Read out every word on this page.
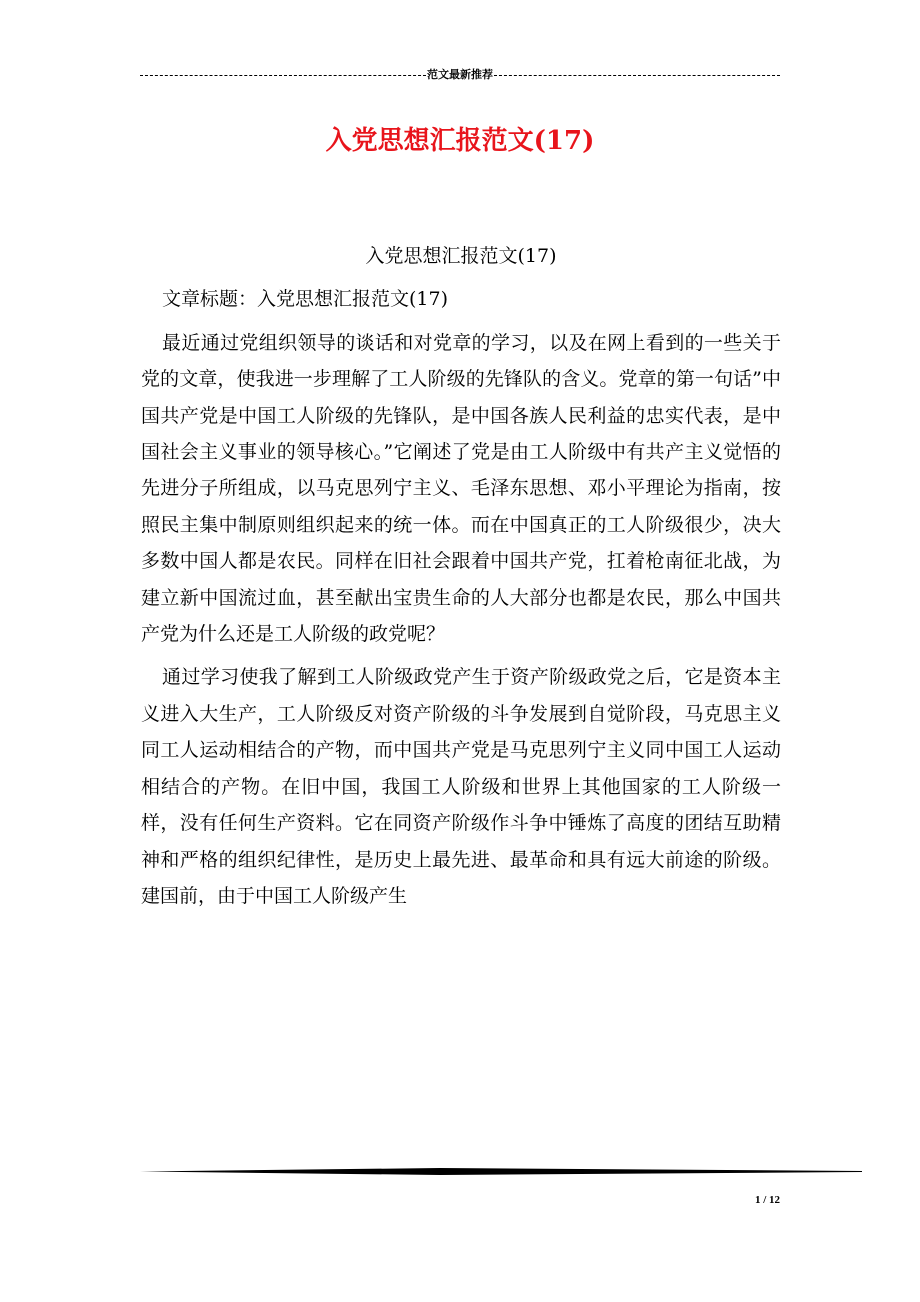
范文最新推荐
入党思想汇报范文(17)

入党思想汇报范文(17)

文章标题：入党思想汇报范文(17)

最近通过党组织领导的谈话和对党章的学习，以及在网上看到的一些关于党的文章，使我进一步理解了工人阶级的先锋队的含义。党章的第一句话”中国共产党是中国工人阶级的先锋队，是中国各族人民利益的忠实代表，是中国社会主义事业的领导核心。”它阐述了党是由工人阶级中有共产主义觉悟的先进分子所组成，以马克思列宁主义、毛泽东思想、邓小平理论为指南，按照民主集中制原则组织起来的统一体。而在中国真正的工人阶级很少，决大多数中国人都是农民。同样在旧社会跟着中国共产党，扛着枪南征北战，为建立新中国流过血，甚至献出宝贵生命的人大部分也都是农民，那么中国共产党为什么还是工人阶级的政党呢？

通过学习使我了解到工人阶级政党产生于资产阶级政党之后，它是资本主义进入大生产，工人阶级反对资产阶级的斗争发展到自觉阶段，马克思主义同工人运动相结合的产物，而中国共产党是马克思列宁主义同中国工人运动相结合的产物。在旧中国，我国工人阶级和世界上其他国家的工人阶级一样，没有任何生产资料。它在同资产阶级作斗争中锤炼了高度的团结互助精神和严格的组织纪律性，是历史上最先进、最革命和具有远大前途的阶级。建国前，由于中国工人阶级产生

1 / 12
